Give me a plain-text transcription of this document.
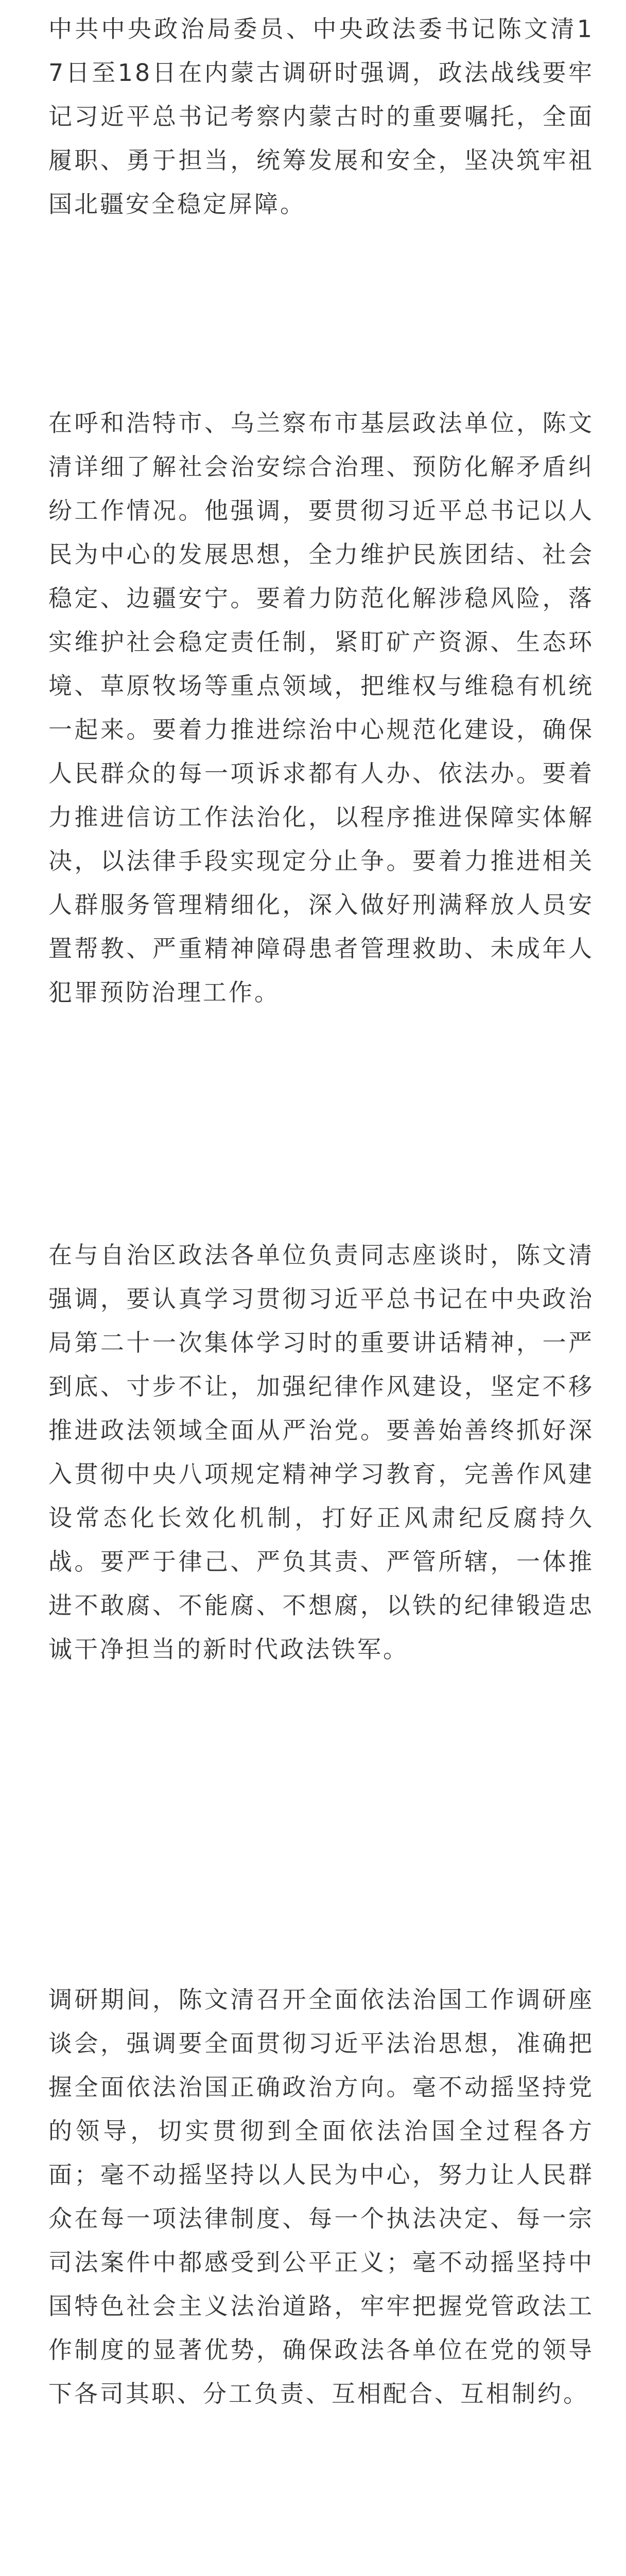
中共中央政治局委员、中央政法委书记陈文清17日至18日在内蒙古调研时强调，政法战线要牢记习近平总书记考察内蒙古时的重要嘱托，全面履职、勇于担当，统筹发展和安全，坚决筑牢祖国北疆安全稳定屏障。

在呼和浩特市、乌兰察布市基层政法单位，陈文清详细了解社会治安综合治理、预防化解矛盾纠纷工作情况。他强调，要贯彻习近平总书记以人民为中心的发展思想，全力维护民族团结、社会稳定、边疆安宁。要着力防范化解涉稳风险，落实维护社会稳定责任制，紧盯矿产资源、生态环境、草原牧场等重点领域，把维权与维稳有机统一起来。要着力推进综治中心规范化建设，确保人民群众的每一项诉求都有人办、依法办。要着力推进信访工作法治化，以程序推进保障实体解决，以法律手段实现定分止争。要着力推进相关人群服务管理精细化，深入做好刑满释放人员安置帮教、严重精神障碍患者管理救助、未成年人犯罪预防治理工作。

在与自治区政法各单位负责同志座谈时，陈文清强调，要认真学习贯彻习近平总书记在中央政治局第二十一次集体学习时的重要讲话精神，一严到底、寸步不让，加强纪律作风建设，坚定不移推进政法领域全面从严治党。要善始善终抓好深入贯彻中央八项规定精神学习教育，完善作风建设常态化长效化机制，打好正风肃纪反腐持久战。要严于律己、严负其责、严管所辖，一体推进不敢腐、不能腐、不想腐，以铁的纪律锻造忠诚干净担当的新时代政法铁军。

调研期间，陈文清召开全面依法治国工作调研座谈会，强调要全面贯彻习近平法治思想，准确把握全面依法治国正确政治方向。毫不动摇坚持党的领导，切实贯彻到全面依法治国全过程各方面；毫不动摇坚持以人民为中心，努力让人民群众在每一项法律制度、每一个执法决定、每一宗司法案件中都感受到公平正义；毫不动摇坚持中国特色社会主义法治道路，牢牢把握党管政法工作制度的显著优势，确保政法各单位在党的领导下各司其职、分工负责、互相配合、互相制约。
